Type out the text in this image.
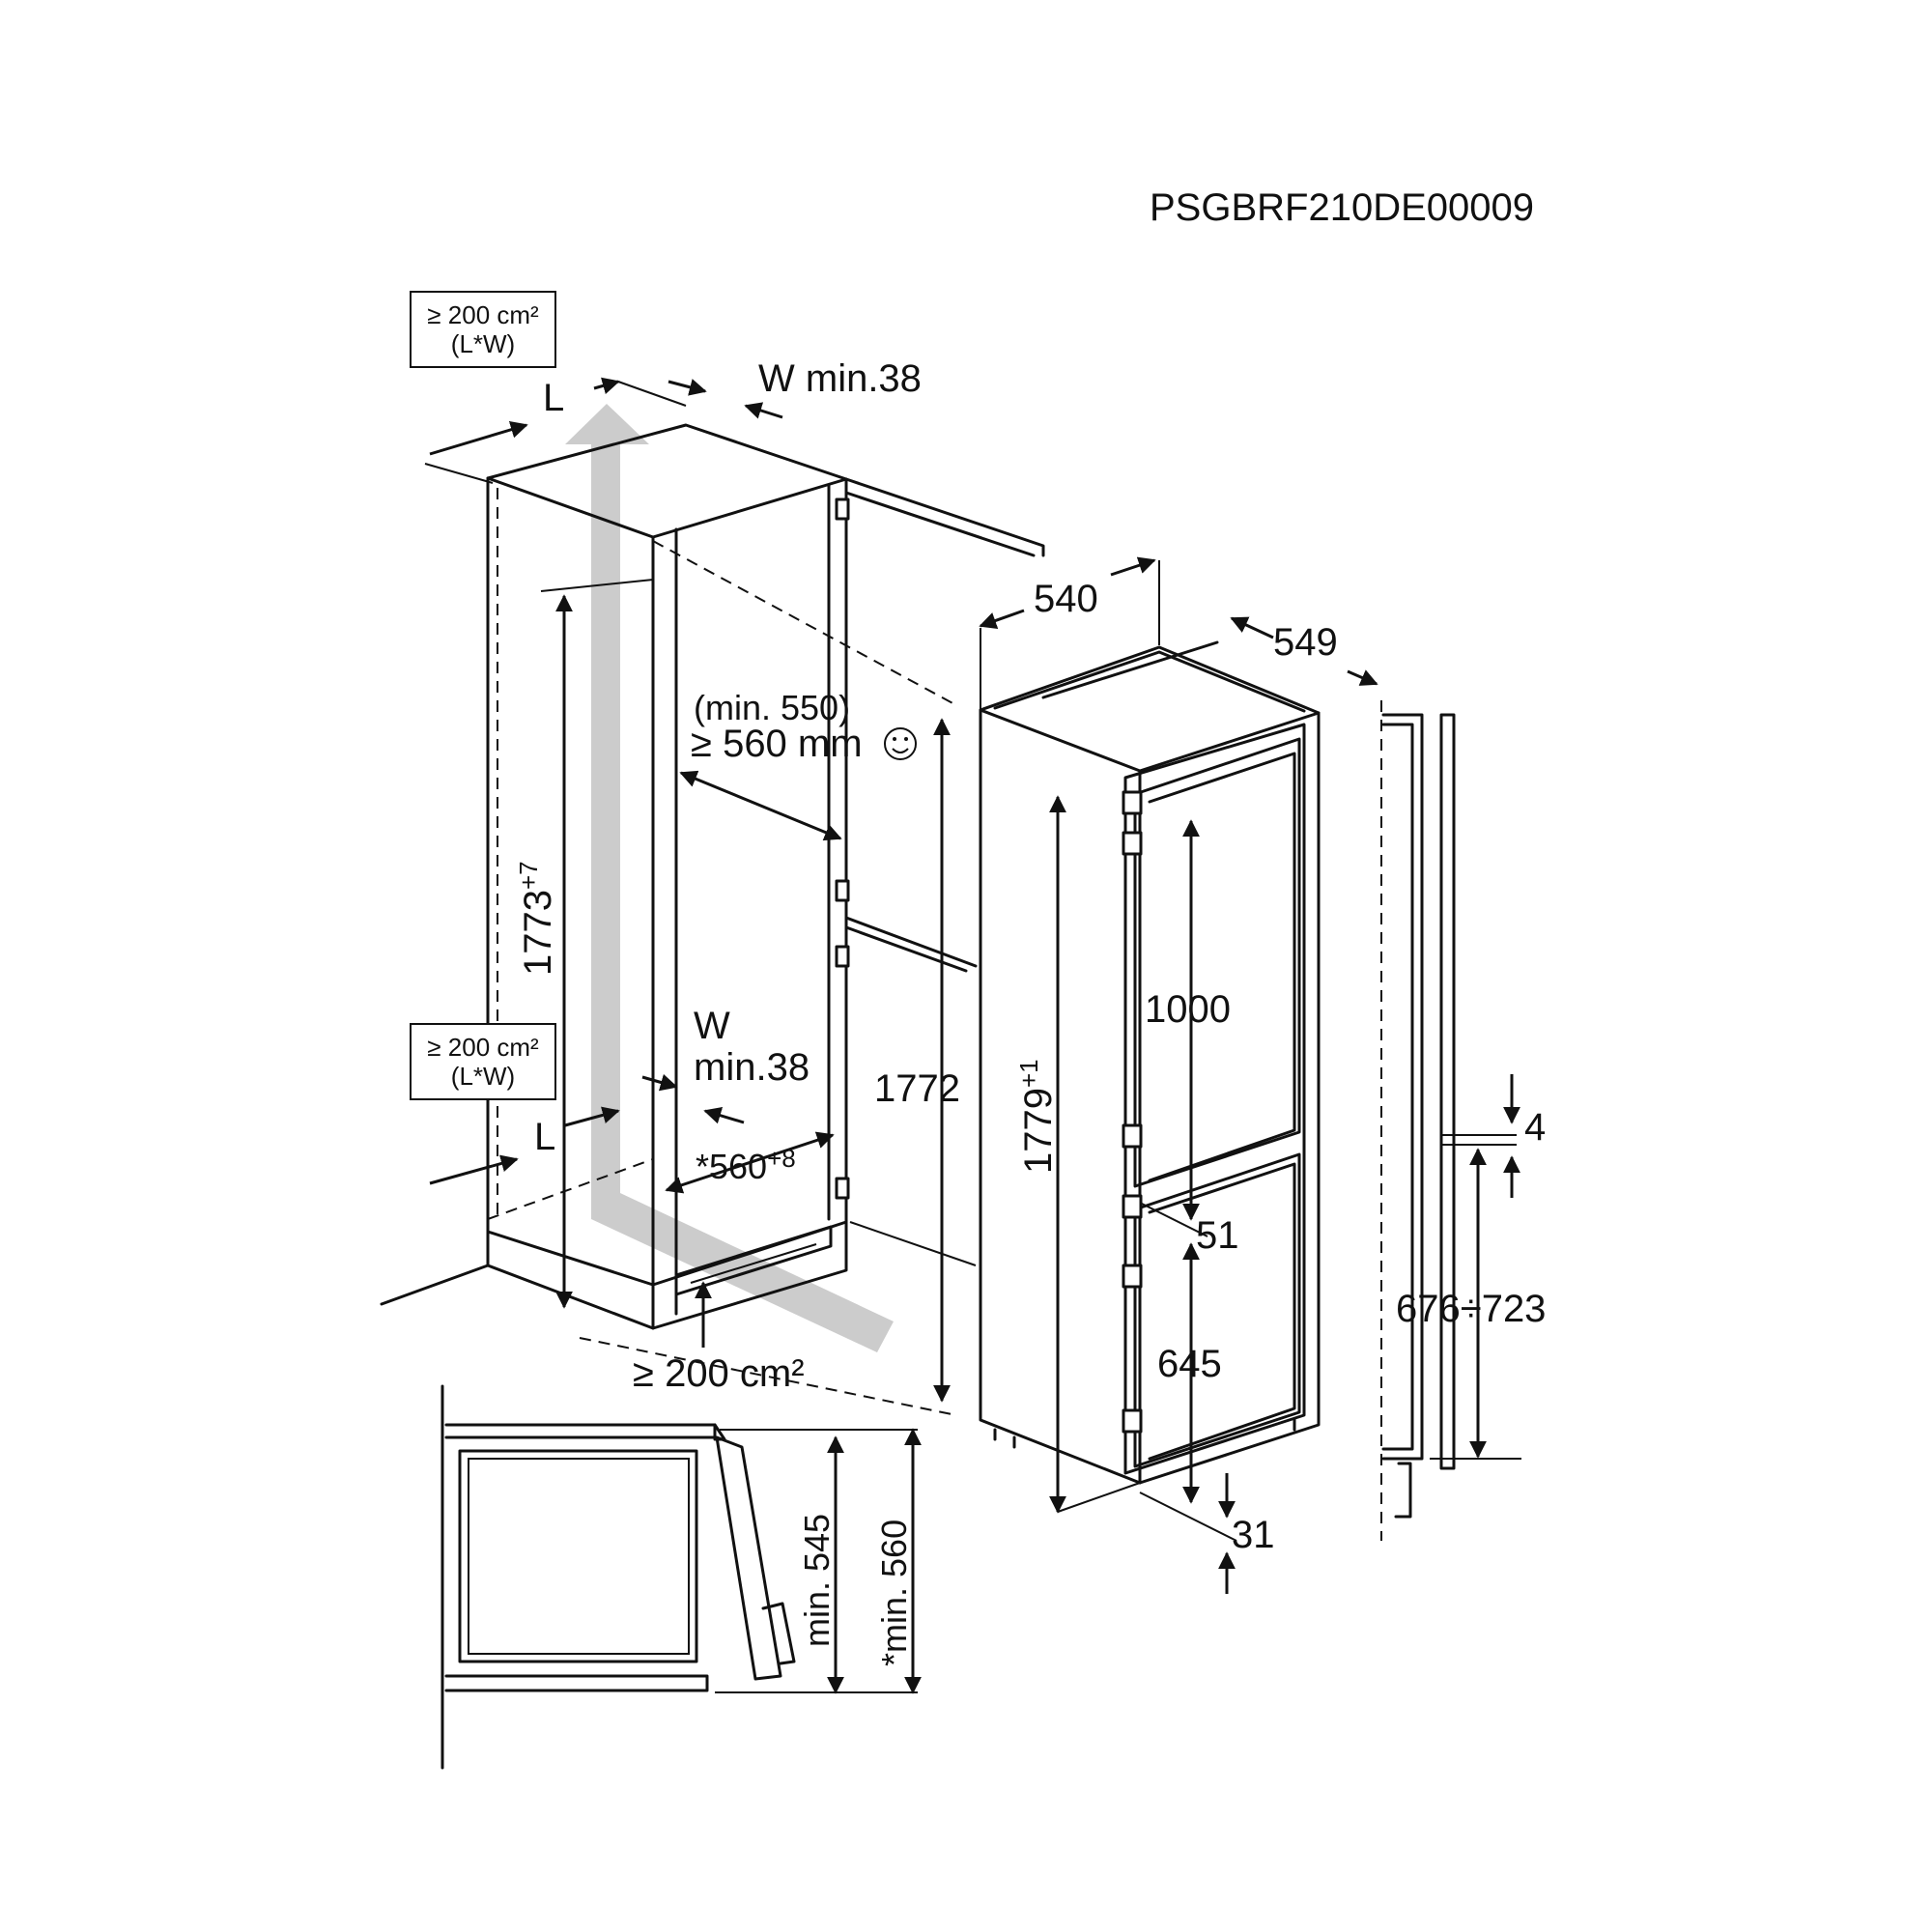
PSGBRF210DE00009
≥ 200 cm²
(L*W)
L	W min.38
≥ 200 cm²
(L*W)
L
W
min.38
$1773^{+7}$
(min. 550)
≥ 560 mm
$*560^{+8}$
≥ 200 cm²
1772
540
549
$1779^{+1}$
1000
51
645
31
4
676÷723
min. 545 *min. 560
